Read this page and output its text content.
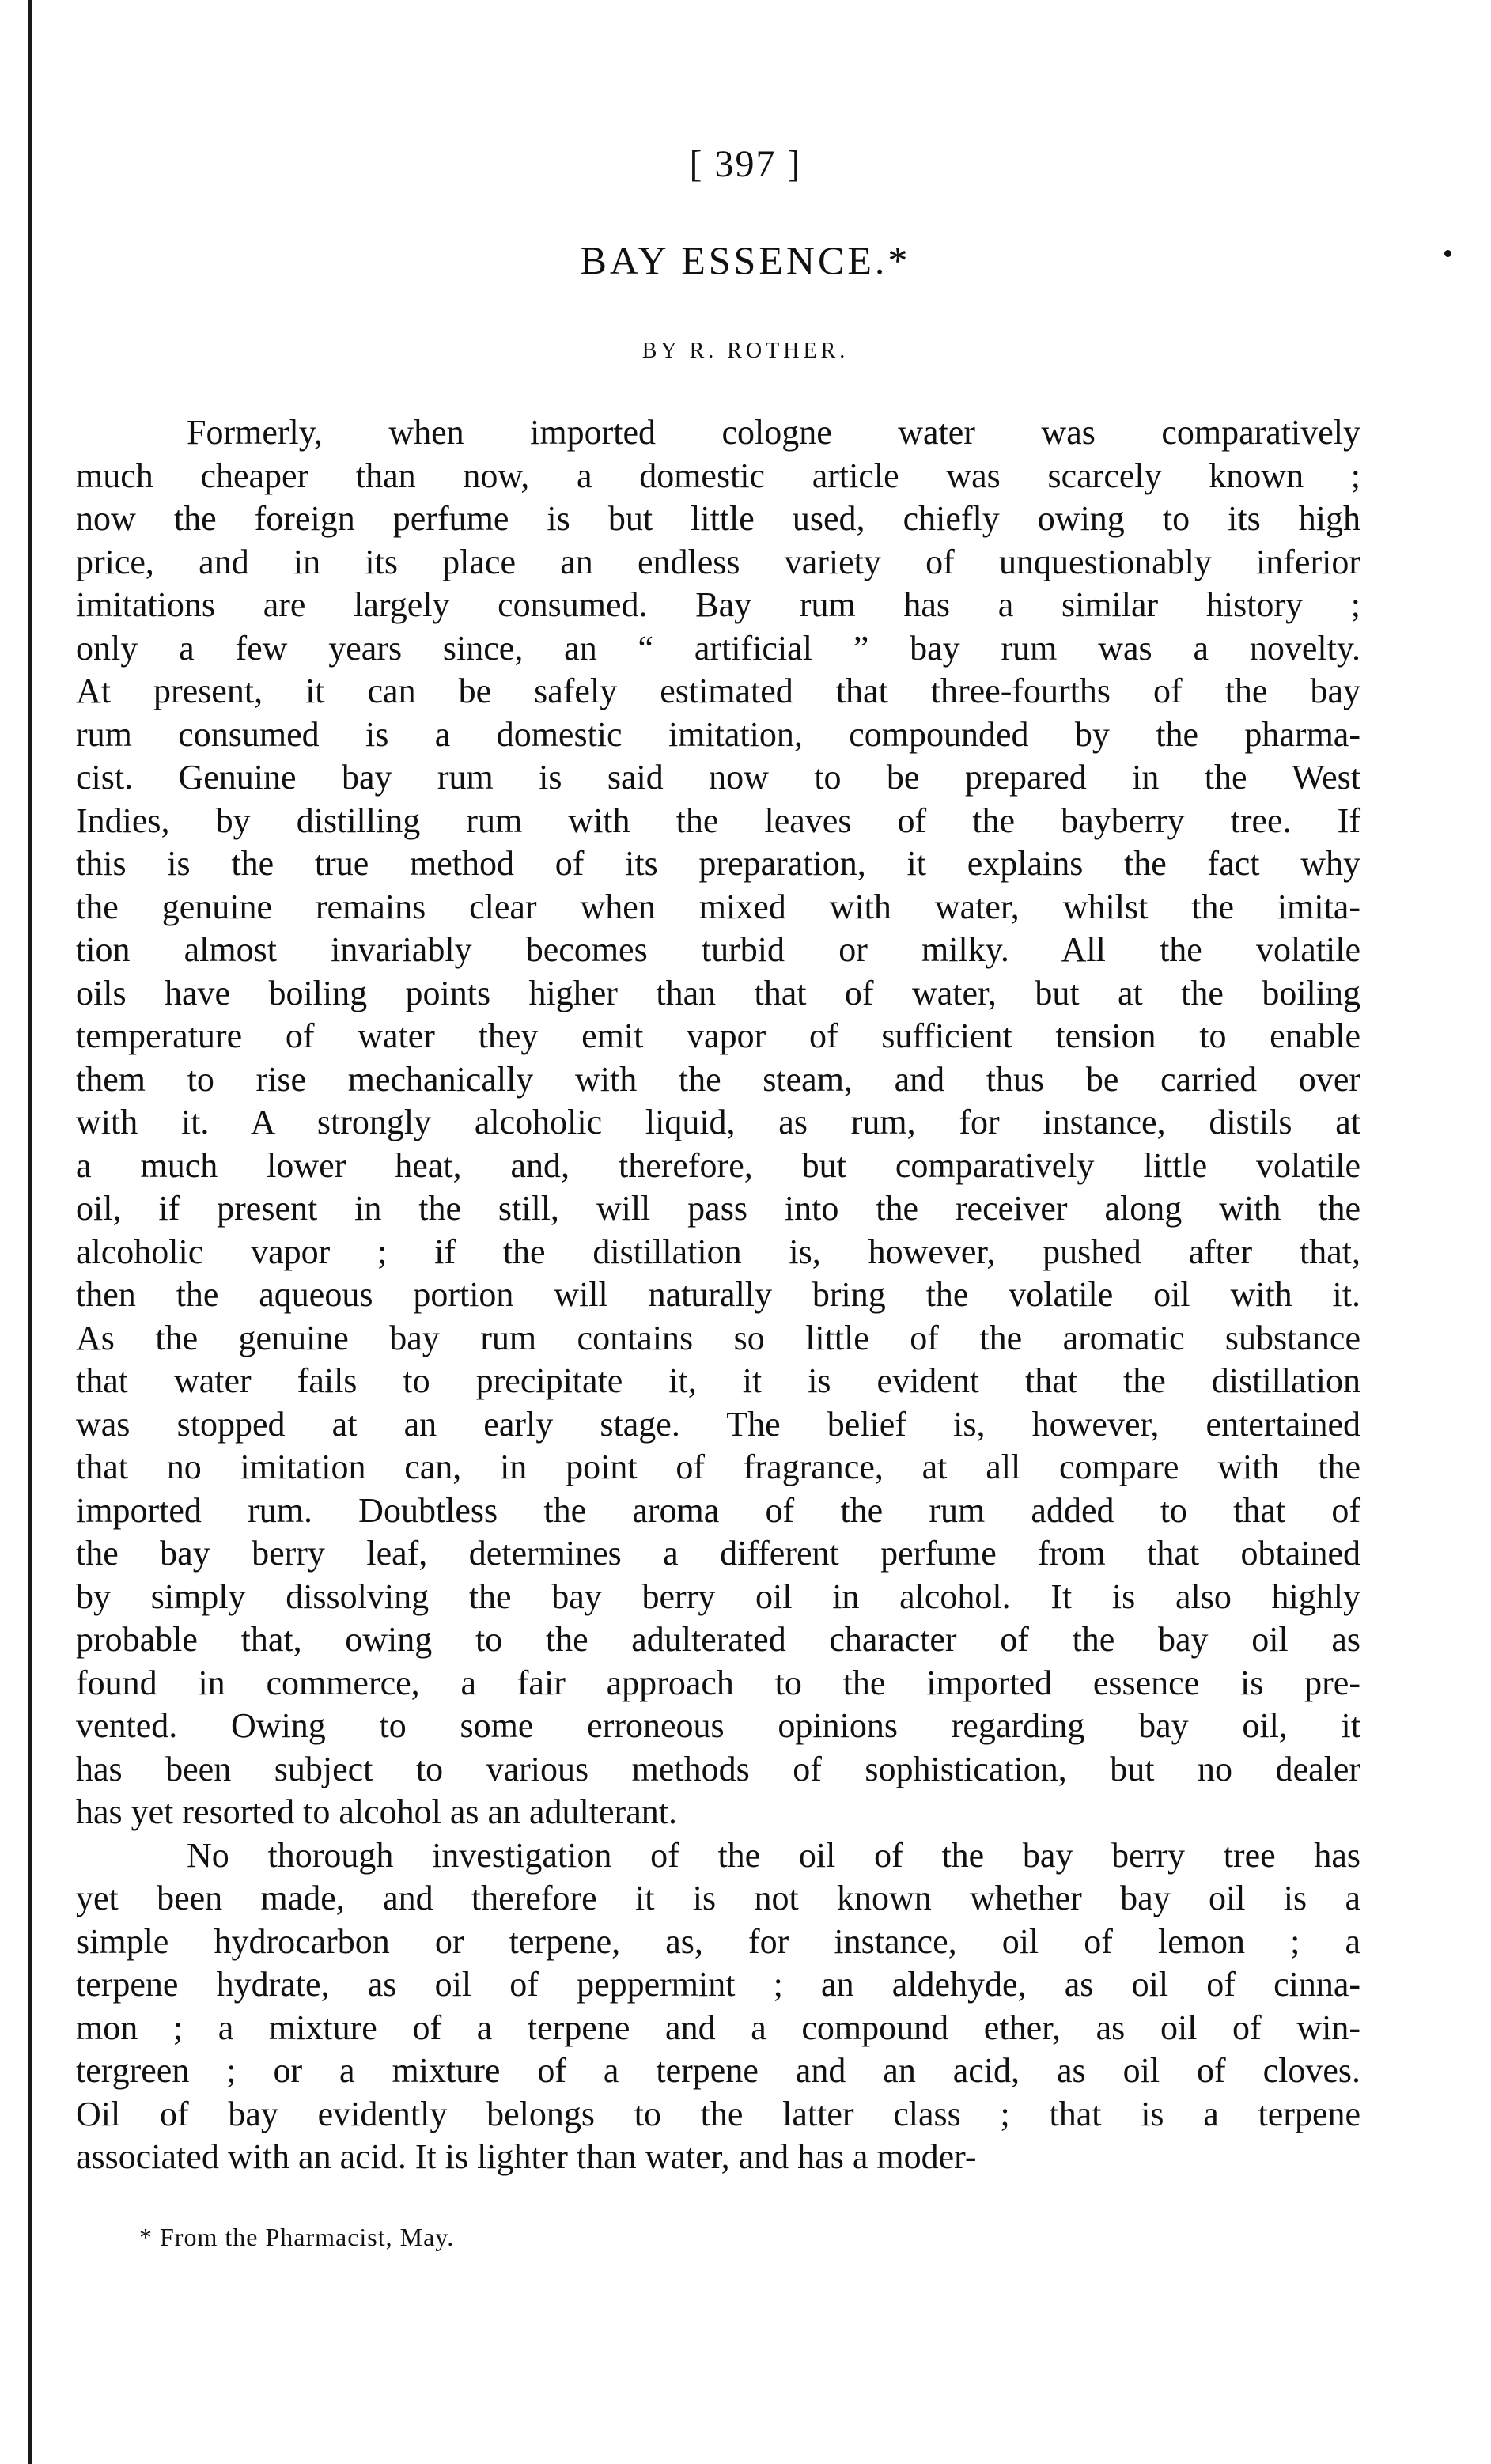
[ 397 ]
BAY ESSENCE.*
BY R. ROTHER.

Formerly, when imported cologne water was comparatively
much cheaper than now, a domestic article was scarcely known ;
now the foreign perfume is but little used, chiefly owing to its high
price, and in its place an endless variety of unquestionably inferior
imitations are largely consumed. Bay rum has a similar history ;
only a few years since, an “ artificial ” bay rum was a novelty.
At present, it can be safely estimated that three-fourths of the bay
rum consumed is a domestic imitation, compounded by the pharma-
cist. Genuine bay rum is said now to be prepared in the West
Indies, by distilling rum with the leaves of the bayberry tree. If
this is the true method of its preparation, it explains the fact why
the genuine remains clear when mixed with water, whilst the imita-
tion almost invariably becomes turbid or milky. All the volatile
oils have boiling points higher than that of water, but at the boiling
temperature of water they emit vapor of sufficient tension to enable
them to rise mechanically with the steam, and thus be carried over
with it. A strongly alcoholic liquid, as rum, for instance, distils at
a much lower heat, and, therefore, but comparatively little volatile
oil, if present in the still, will pass into the receiver along with the
alcoholic vapor ; if the distillation is, however, pushed after that,
then the aqueous portion will naturally bring the volatile oil with it.
As the genuine bay rum contains so little of the aromatic substance
that water fails to precipitate it, it is evident that the distillation
was stopped at an early stage. The belief is, however, entertained
that no imitation can, in point of fragrance, at all compare with the
imported rum. Doubtless the aroma of the rum added to that of
the bay berry leaf, determines a different perfume from that obtained
by simply dissolving the bay berry oil in alcohol. It is also highly
probable that, owing to the adulterated character of the bay oil as
found in commerce, a fair approach to the imported essence is pre-
vented. Owing to some erroneous opinions regarding bay oil, it
has been subject to various methods of sophistication, but no dealer
has yet resorted to alcohol as an adulterant.

No thorough investigation of the oil of the bay berry tree has
yet been made, and therefore it is not known whether bay oil is a
simple hydrocarbon or terpene, as, for instance, oil of lemon ; a
terpene hydrate, as oil of peppermint ; an aldehyde, as oil of cinna-
mon ; a mixture of a terpene and a compound ether, as oil of win-
tergreen ; or a mixture of a terpene and an acid, as oil of cloves.
Oil of bay evidently belongs to the latter class ; that is a terpene
associated with an acid. It is lighter than water, and has a moder-

* From the Pharmacist, May.
